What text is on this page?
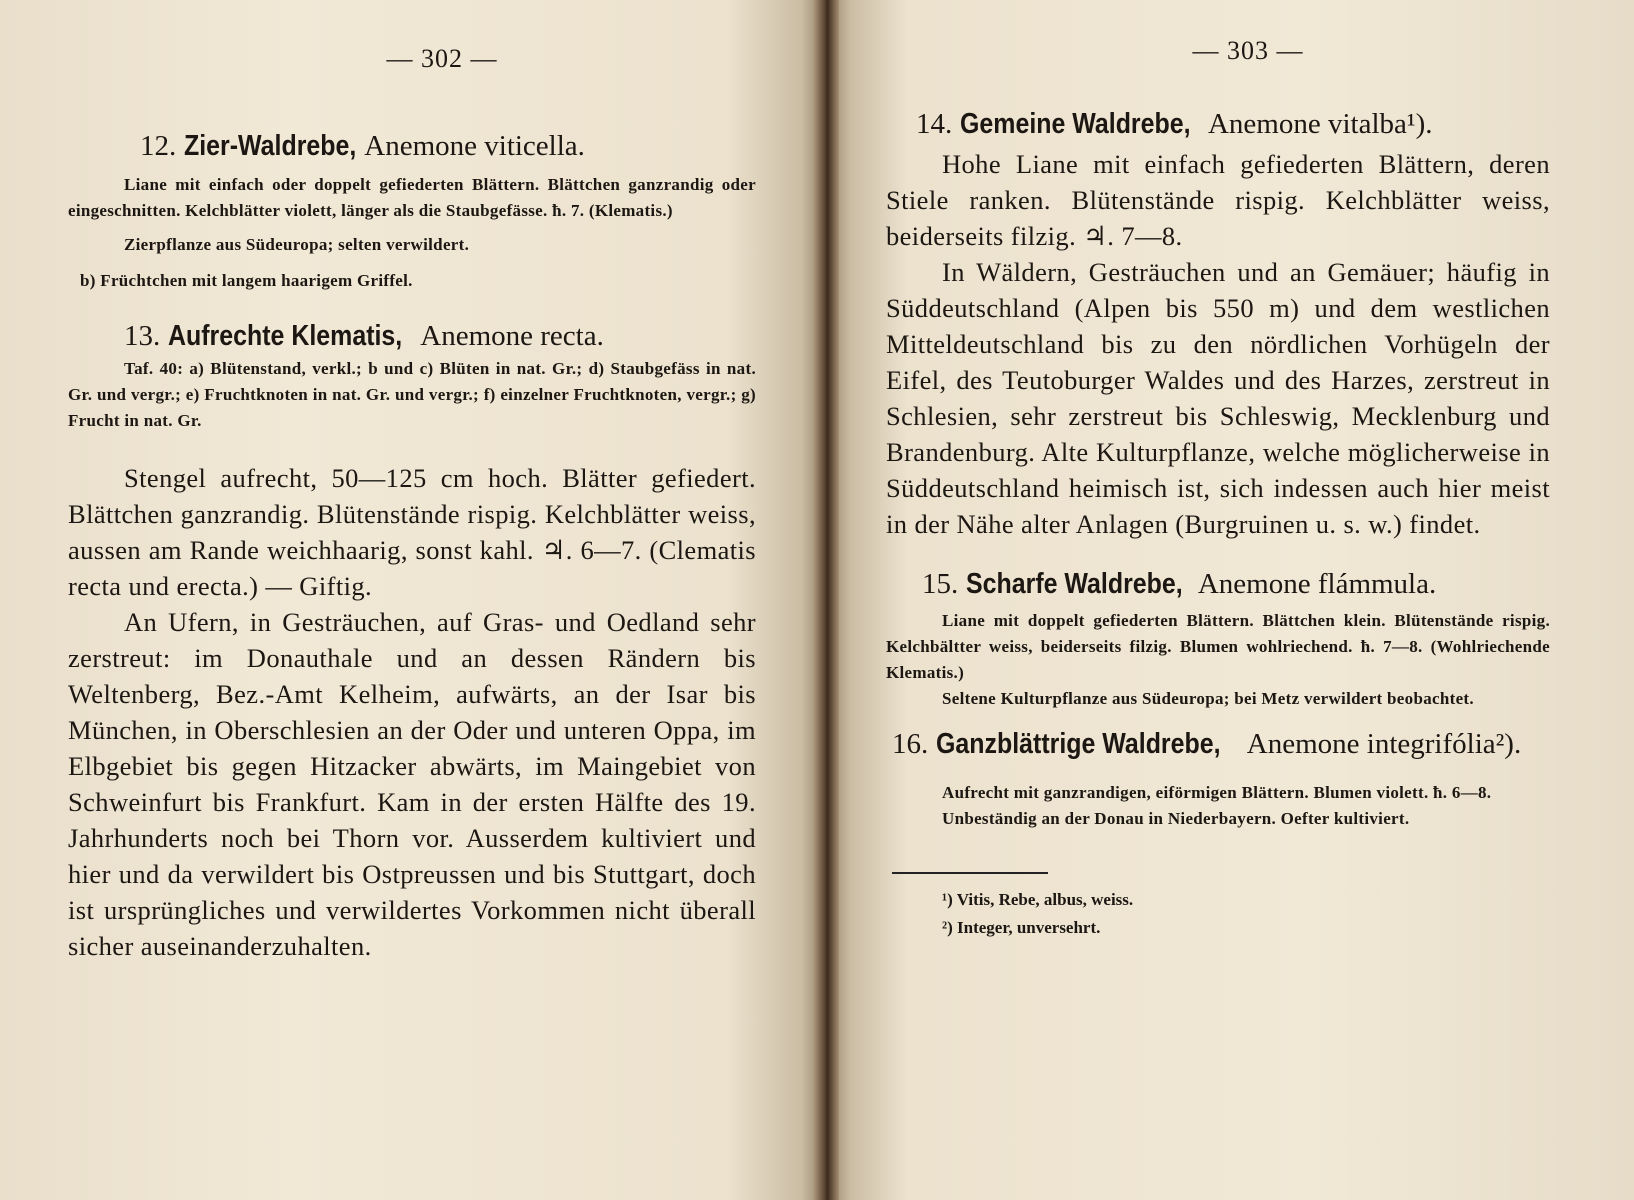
— 302 —

12. Zier-Waldrebe, Anemone viticella.

Liane mit einfach oder doppelt gefiederten Blättern. Blättchen ganzrandig oder eingeschnitten. Kelchblätter violett, länger als die Staubgefässe. ħ. 7. (Klematis.)

Zierpflanze aus Südeuropa; selten verwildert.

b) Früchtchen mit langem haarigem Griffel.

13. Aufrechte Klematis, Anemone recta.

Taf. 40: a) Blütenstand, verkl.; b und c) Blüten in nat. Gr.; d) Staubgefäss in nat. Gr. und vergr.; e) Fruchtknoten in nat. Gr. und vergr.; f) einzelner Fruchtknoten, vergr.; g) Frucht in nat. Gr.

Stengel aufrecht, 50—125 cm hoch. Blätter gefiedert. Blättchen ganzrandig. Blütenstände rispig. Kelchblätter weiss, aussen am Rande weichhaarig, sonst kahl. ♃. 6—7. (Clematis recta und erecta.) — Giftig.

An Ufern, in Gesträuchen, auf Gras- und Oedland sehr zerstreut: im Donauthale und an dessen Rändern bis Weltenberg, Bez.-Amt Kelheim, aufwärts, an der Isar bis München, in Oberschlesien an der Oder und unteren Oppa, im Elbgebiet bis gegen Hitzacker abwärts, im Maingebiet von Schweinfurt bis Frankfurt. Kam in der ersten Hälfte des 19. Jahrhunderts noch bei Thorn vor. Ausserdem kultiviert und hier und da verwildert bis Ostpreussen und bis Stuttgart, doch ist ursprüngliches und verwildertes Vorkommen nicht überall sicher auseinanderzuhalten.

— 303 —

14. Gemeine Waldrebe, Anemone vitalba¹).

Hohe Liane mit einfach gefiederten Blättern, deren Stiele ranken. Blütenstände rispig. Kelchblätter weiss, beiderseits filzig. ♃. 7—8.

In Wäldern, Gesträuchen und an Gemäuer; häufig in Süddeutschland (Alpen bis 550 m) und dem westlichen Mitteldeutschland bis zu den nördlichen Vorhügeln der Eifel, des Teutoburger Waldes und des Harzes, zerstreut in Schlesien, sehr zerstreut bis Schleswig, Mecklenburg und Brandenburg. Alte Kulturpflanze, welche möglicherweise in Süddeutschland heimisch ist, sich indessen auch hier meist in der Nähe alter Anlagen (Burgruinen u. s. w.) findet.

15. Scharfe Waldrebe, Anemone flámmula.

Liane mit doppelt gefiederten Blättern. Blättchen klein. Blütenstände rispig. Kelchbältter weiss, beiderseits filzig. Blumen wohlriechend. ħ. 7—8. (Wohlriechende Klematis.)

Seltene Kulturpflanze aus Südeuropa; bei Metz verwildert beobachtet.

16. Ganzblättrige Waldrebe, Anemone integrifólia²).

Aufrecht mit ganzrandigen, eiförmigen Blättern. Blumen violett. ħ. 6—8.

Unbeständig an der Donau in Niederbayern. Oefter kultiviert.

¹) Vitis, Rebe, albus, weiss.

²) Integer, unversehrt.
